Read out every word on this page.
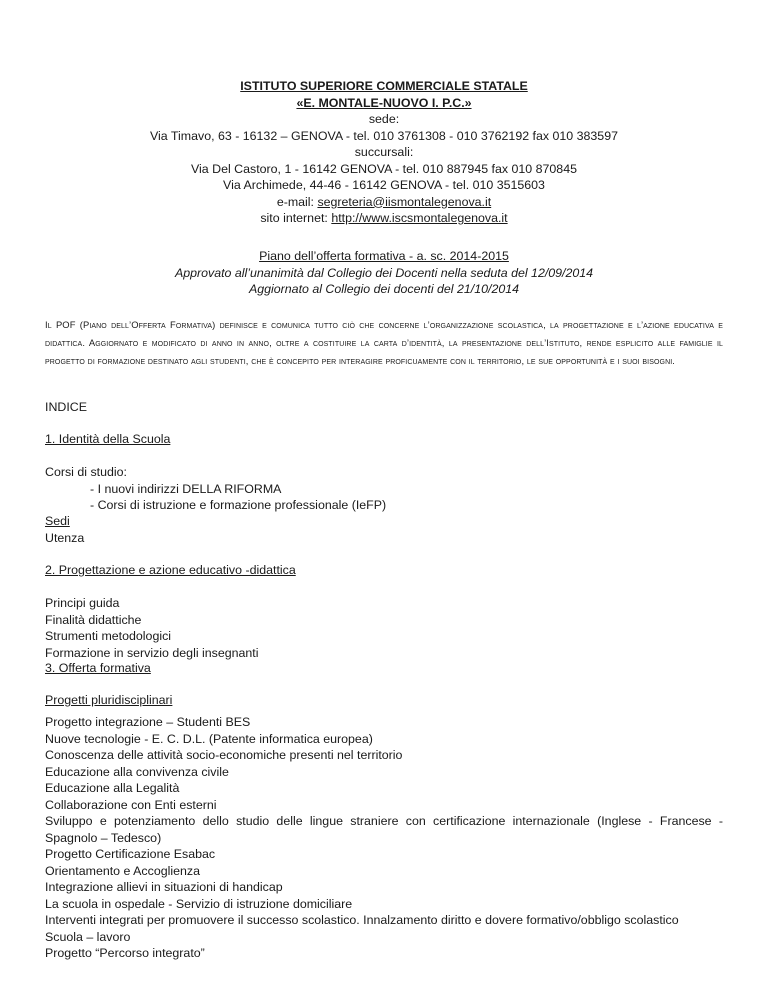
ISTITUTO SUPERIORE COMMERCIALE STATALE
«E. MONTALE-NUOVO I. P.C.»
sede:
Via Timavo, 63 - 16132 – GENOVA - tel. 010 3761308 - 010 3762192 fax 010 383597
succursali:
Via Del Castoro, 1 - 16142 GENOVA - tel. 010 887945 fax 010 870845
Via Archimede, 44-46 - 16142 GENOVA - tel. 010 3515603
e-mail: segreteria@iismontalegenova.it
sito internet: http://www.iscsmontalegenova.it
Piano dell’offerta formativa - a. sc. 2014-2015
Approvato all’unanimità dal Collegio dei Docenti nella seduta del 12/09/2014
Aggiornato al Collegio dei docenti del 21/10/2014
Il POF (Piano dell’Offerta Formativa) definisce e comunica tutto ciò che concerne l’organizzazione scolastica, la progettazione e l’azione educativa e didattica. Aggiornato e modificato di anno in anno, oltre a costituire la carta d’identità, la presentazione dell’Istituto, rende esplicito alle famiglie il progetto di formazione destinato agli studenti, che è concepito per interagire proficuamente con il territorio, le sue opportunità e i suoi bisogni.
INDICE
1. Identità della Scuola
Corsi di studio:
- I nuovi indirizzi DELLA RIFORMA
- Corsi di istruzione e formazione professionale (IeFP)
Sedi
Utenza
2. Progettazione e azione educativo -didattica
Principi guida
Finalità didattiche
Strumenti metodologici
Formazione in servizio degli insegnanti
3. Offerta formativa
Progetti pluridisciplinari
Progetto integrazione – Studenti BES
Nuove tecnologie - E. C. D.L. (Patente informatica europea)
Conoscenza delle attività socio-economiche presenti nel territorio
Educazione alla convivenza civile
Educazione alla Legalità
Collaborazione con Enti esterni
Sviluppo e potenziamento dello studio delle lingue straniere con certificazione internazionale (Inglese - Francese - Spagnolo – Tedesco)
Progetto Certificazione Esabac
Orientamento e Accoglienza
Integrazione allievi in situazioni di handicap
La scuola in ospedale - Servizio di istruzione domiciliare
Interventi integrati per promuovere il successo scolastico. Innalzamento diritto e dovere formativo/obbligo scolastico
Scuola – lavoro
Progetto “Percorso integrato”
